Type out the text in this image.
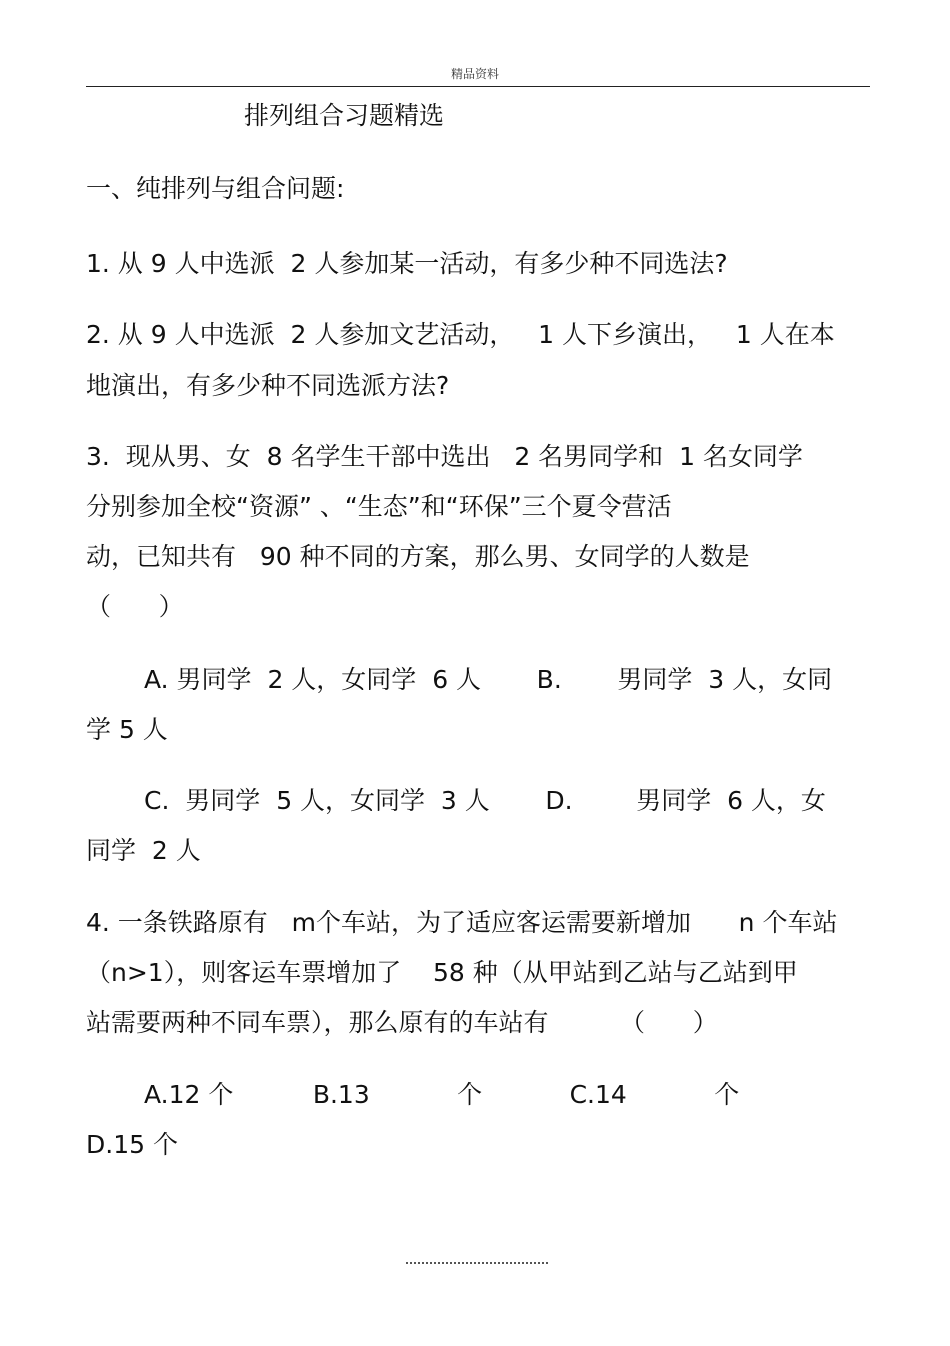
精品资料
排列组合习题精选
一、纯排列与组合问题:
1. 从 9 人中选派  2 人参加某一活动，有多少种不同选法?
2. 从 9 人中选派  2 人参加文艺活动，   1 人下乡演出，   1 人在本
地演出，有多少种不同选派方法?
3.  现从男、女  8 名学生干部中选出   2 名男同学和  1 名女同学
分别参加全校“资源” 、“生态”和“环保”三个夏令营活
动，已知共有   90 种不同的方案，那么男、女同学的人数是
（      ）
A. 男同学  2 人，女同学  6 人       B.       男同学  3 人，女同
学 5 人
C.  男同学  5 人，女同学  3 人       D.        男同学  6 人，女
同学  2 人
4. 一条铁路原有   m个车站，为了适应客运需要新增加      n 个车站
（n>1），则客运车票增加了    58 种（从甲站到乙站与乙站到甲
站需要两种不同车票），那么原有的车站有         （      ）
A.12 个          B.13           个           C.14           个
D.15 个
